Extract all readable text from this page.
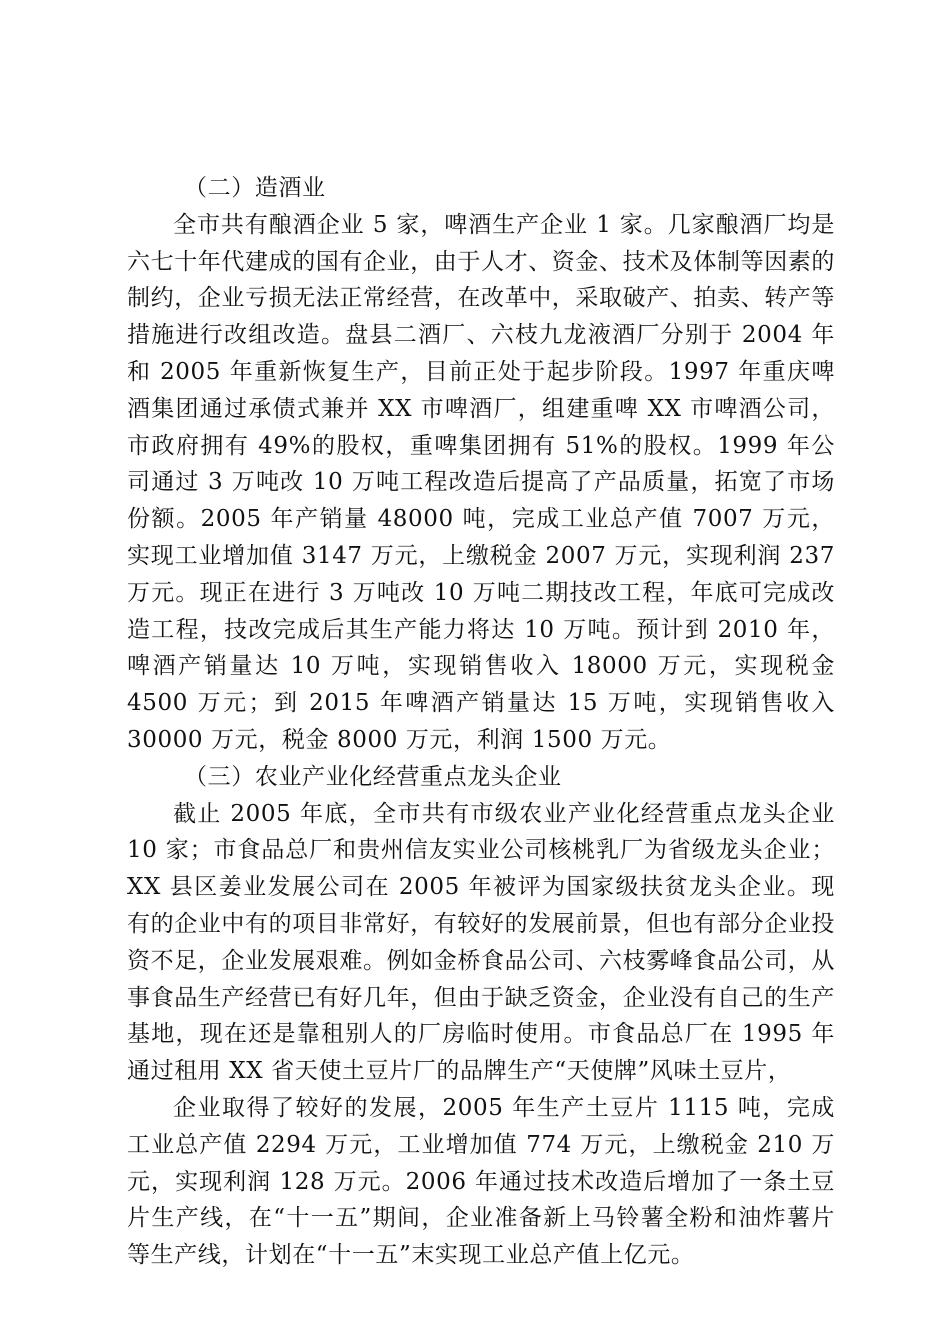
（二）造酒业

全市共有酿酒企业 5 家，啤酒生产企业 1 家。几家酿酒厂均是六七十年代建成的国有企业，由于人才、资金、技术及体制等因素的制约，企业亏损无法正常经营，在改革中，采取破产、拍卖、转产等措施进行改组改造。盘县二酒厂、六枝九龙液酒厂分别于 2004 年和 2005 年重新恢复生产，目前正处于起步阶段。1997 年重庆啤酒集团通过承债式兼并 XX 市啤酒厂，组建重啤 XX 市啤酒公司，市政府拥有 49%的股权，重啤集团拥有 51%的股权。1999 年公司通过 3 万吨改 10 万吨工程改造后提高了产品质量，拓宽了市场份额。2005 年产销量 48000 吨，完成工业总产值 7007 万元，实现工业增加值 3147 万元，上缴税金 2007 万元，实现利润 237 万元。现正在进行 3 万吨改 10 万吨二期技改工程，年底可完成改造工程，技改完成后其生产能力将达 10 万吨。预计到 2010 年，啤酒产销量达 10 万吨，实现销售收入 18000 万元，实现税金 4500 万元；到 2015 年啤酒产销量达 15 万吨，实现销售收入 30000 万元，税金 8000 万元，利润 1500 万元。

（三）农业产业化经营重点龙头企业

截止 2005 年底，全市共有市级农业产业化经营重点龙头企业 10 家；市食品总厂和贵州信友实业公司核桃乳厂为省级龙头企业；XX 县区姜业发展公司在 2005 年被评为国家级扶贫龙头企业。现有的企业中有的项目非常好，有较好的发展前景，但也有部分企业投资不足，企业发展艰难。例如金桥食品公司、六枝雾峰食品公司，从事食品生产经营已有好几年，但由于缺乏资金，企业没有自己的生产基地，现在还是靠租别人的厂房临时使用。市食品总厂在 1995 年通过租用 XX 省天使土豆片厂的品牌生产“天使牌”风味土豆片，

企业取得了较好的发展，2005 年生产土豆片 1115 吨，完成工业总产值 2294 万元，工业增加值 774 万元，上缴税金 210 万元，实现利润 128 万元。2006 年通过技术改造后增加了一条土豆片生产线，在“十一五”期间，企业准备新上马铃薯全粉和油炸薯片等生产线，计划在“十一五”末实现工业总产值上亿元。
